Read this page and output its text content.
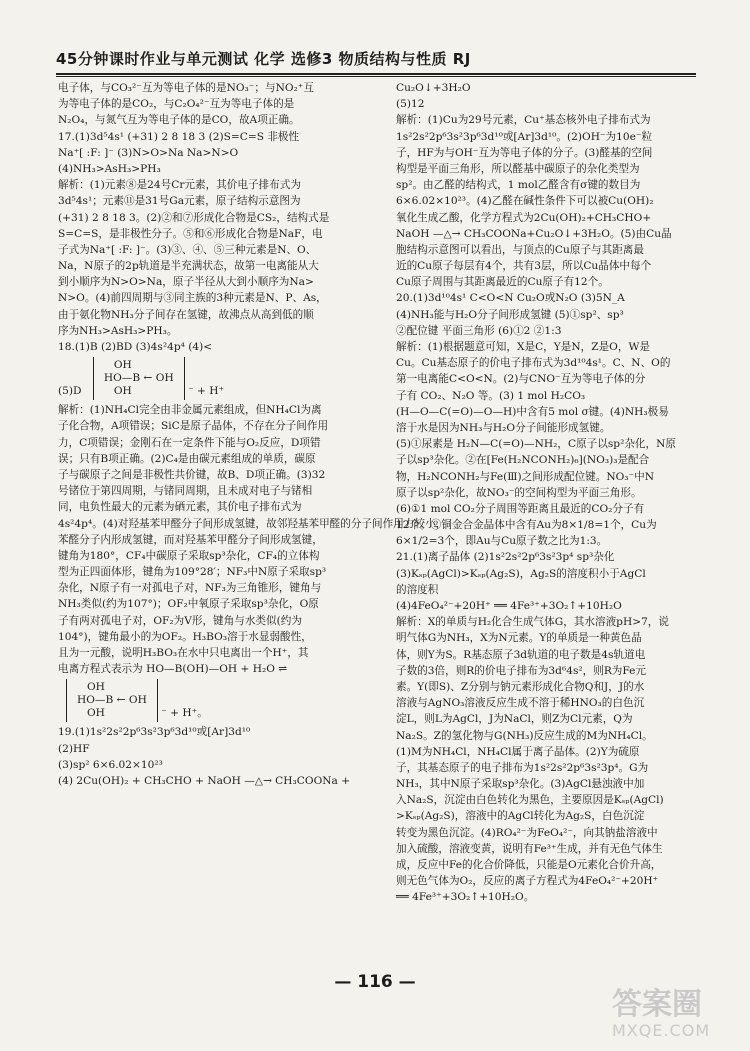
45分钟课时作业与单元测试 化学 选修3 物质结构与性质 RJ
电子体，与CO₃²⁻互为等电子体的是NO₃⁻；与NO₂⁺互
为等电子体的是CO₂，与C₂O₄²⁻互为等电子体的是
N₂O₄，与氮气互为等电子体的是CO，故A项正确。
17.(1)3d⁵4s¹ (+31) 2 8 18 3 (2)S=C=S 非极性
Na⁺[ :F: ]⁻ (3)N>O>Na Na>N>O
(4)NH₃>AsH₃>PH₃
解析：(1)元素⑧是24号Cr元素，其价电子排布式为
3d⁵4s¹；元素⑪是31号Ga元素，原子结构示意图为
(+31) 2 8 18 3。(2)②和⑦形成化合物是CS₂，结构式是
S=C=S，是非极性分子。⑤和⑥形成化合物是NaF，电
子式为Na⁺[ :F: ]⁻。(3)③、④、⑤三种元素是N、O、
Na，N原子的2p轨道是半充满状态，故第一电离能从大
到小顺序为N>O>Na，原子半径从大到小顺序为Na>
N>O。(4)前四周期与③同主族的3种元素是N、P、As，
由于氨化物NH₃分子间存在氢键，故沸点从高到低的顺
序为NH₃>AsH₃>PH₃。
18.(1)B (2)BD (3)4s²4p⁴ (4)<
(5)D
OH
HO—B ← OH
OH	⁻ + H⁺
解析：(1)NH₄Cl完全由非金属元素组成，但NH₄Cl为离
子化合物，A项错误；SiC是原子晶体，不存在分子间作用
力，C项错误；金刚石在一定条件下能与O₂反应，D项错
误；只有B项正确。(2)C₄是由碳元素组成的单质，碳原
子与碳原子之间是非极性共价键，故B、D项正确。(3)32
号锗位于第四周期，与锗同周期，且未成对电子与锗相
同，电负性最大的元素为硒元素，其价电子排布式为
4s²4p⁴。(4)对羟基苯甲醛分子间形成氢键，故邻羟基苯甲醛的分子间作用力较小，
苯醛分子内形成氢键，而对羟基苯甲醛分子间形成氢键，
键角为180°，CF₄中碳原子采取sp³杂化，CF₄的立体构
型为正四面体形，键角为109°28′；NF₃中N原子采取sp³
杂化，N原子有一对孤电子对，NF₃为三角锥形，键角与
NH₃类似(约为107°)；OF₂中氧原子采取sp³杂化，O原
子有两对孤电子对，OF₂为V形，键角与水类似(约为
104°)，键角最小的为OF₂。H₃BO₃溶于水显弱酸性，
且为一元酸，说明H₃BO₃在水中只电离出一个H⁺，其
电离方程式表示为 HO—B(OH)—OH + H₂O ⇌
OH
HO—B ← OH
OH	⁻ + H⁺。
19.(1)1s²2s²2p⁶3s²3p⁶3d¹⁰或[Ar]3d¹⁰
(2)HF
(3)sp² 6×6.02×10²³
(4) 2Cu(OH)₂ + CH₃CHO + NaOH —△→ CH₃COONa +
Cu₂O↓+3H₂O
(5)12
解析：(1)Cu为29号元素，Cu⁺基态核外电子排布式为
1s²2s²2p⁶3s²3p⁶3d¹⁰或[Ar]3d¹⁰。(2)OH⁻为10e⁻粒
子，HF为与OH⁻互为等电子体的分子。(3)醛基的空间
构型是平面三角形，所以醛基中碳原子的杂化类型为
sp²。由乙醛的结构式，1 mol乙醛含有σ键的数目为
6×6.02×10²³。(4)乙醛在碱性条件下可以被Cu(OH)₂
氧化生成乙酸，化学方程式为2Cu(OH)₂+CH₃CHO+
NaOH —△→ CH₃COONa+Cu₂O↓+3H₂O。(5)由Cu晶
胞结构示意图可以看出，与顶点的Cu原子与其距离最
近的Cu原子每层有4个，共有3层，所以Cu晶体中每个
Cu原子周围与其距离最近的Cu原子有12个。
20.(1)3d¹⁰4s¹ C<O<N Cu₂O或N₂O (3)5N_A
(4)NH₃能与H₂O分子间形成氢键 (5)①sp²、sp³
②配位键 平面三角形 (6)①2 ②1:3
解析：(1)根据题意可知，X是C，Y是N，Z是O，W是
Cu。Cu基态原子的价电子排布式为3d¹⁰4s¹。C、N、O的
第一电离能C<O<N。(2)与CNO⁻互为等电子体的分
子有 CO₂、N₂O 等。(3) 1 mol H₂CO₃
(H—O—C(=O)—O—H)中含有5 mol σ键。(4)NH₃极易
溶于水是因为NH₃与H₂O分子间能形成氢键。
(5)①尿素是 H₂N—C(=O)—NH₂，C原子以sp²杂化，N原
子以sp³杂化。②在[Fe(H₂NCONH₂)₆](NO₃)₃是配合
物，H₂NCONH₂与Fe(Ⅲ)之间形成配位键。NO₃⁻中N
原子以sp²杂化，故NO₃⁻的空间构型为平面三角形。
(6)①1 mol CO₂分子周围等距离且最近的CO₂分子有
12个。②铜金合金晶体中含有Au为8×1/8=1个，Cu为
6×1/2=3个，即Au与Cu原子数之比为1:3。
21.(1)离子晶体 (2)1s²2s²2p⁶3s²3p⁴ sp³杂化
(3)Kₛₚ(AgCl)>Kₛₚ(Ag₂S)，Ag₂S的溶度积小于AgCl
的溶度积
(4)4FeO₄²⁻+20H⁺ ══ 4Fe³⁺+3O₂↑+10H₂O
解析：X的单质与H₂化合生成气体G，其水溶液pH>7，说
明气体G为NH₃，X为N元素。Y的单质是一种黄色晶
体，则Y为S。R基态原子3d轨道的电子数是4s轨道电
子数的3倍，则R的价电子排布为3d⁶4s²，则R为Fe元
素。Y(即S)、Z分别与钠元素形成化合物Q和J，J的水
溶液与AgNO₃溶液反应生成不溶于稀HNO₃的白色沉
淀L，则L为AgCl，J为NaCl，则Z为Cl元素，Q为
Na₂S。Z的氢化物与G(NH₃)反应生成的M为NH₄Cl。
(1)M为NH₄Cl，NH₄Cl属于离子晶体。(2)Y为硫原
子，其基态原子的电子排布为1s²2s²2p⁶3s²3p⁴。G为
NH₃，其中N原子采取sp³杂化。(3)AgCl悬浊液中加
入Na₂S，沉淀由白色转化为黑色，主要原因是Kₛₚ(AgCl)
>Kₛₚ(Ag₂S)，溶液中的AgCl转化为Ag₂S，白色沉淀
转变为黑色沉淀。(4)RO₄²⁻为FeO₄²⁻，向其钠盐溶液中
加入硫酸，溶液变黄，说明有Fe³⁺生成，并有无色气体生
成，反应中Fe的化合价降低，只能是O元素化合价升高，
则无色气体为O₂，反应的离子方程式为4FeO₄²⁻+20H⁺
══ 4Fe³⁺+3O₂↑+10H₂O。
— 116 —
答案圈
MXQE.COM
